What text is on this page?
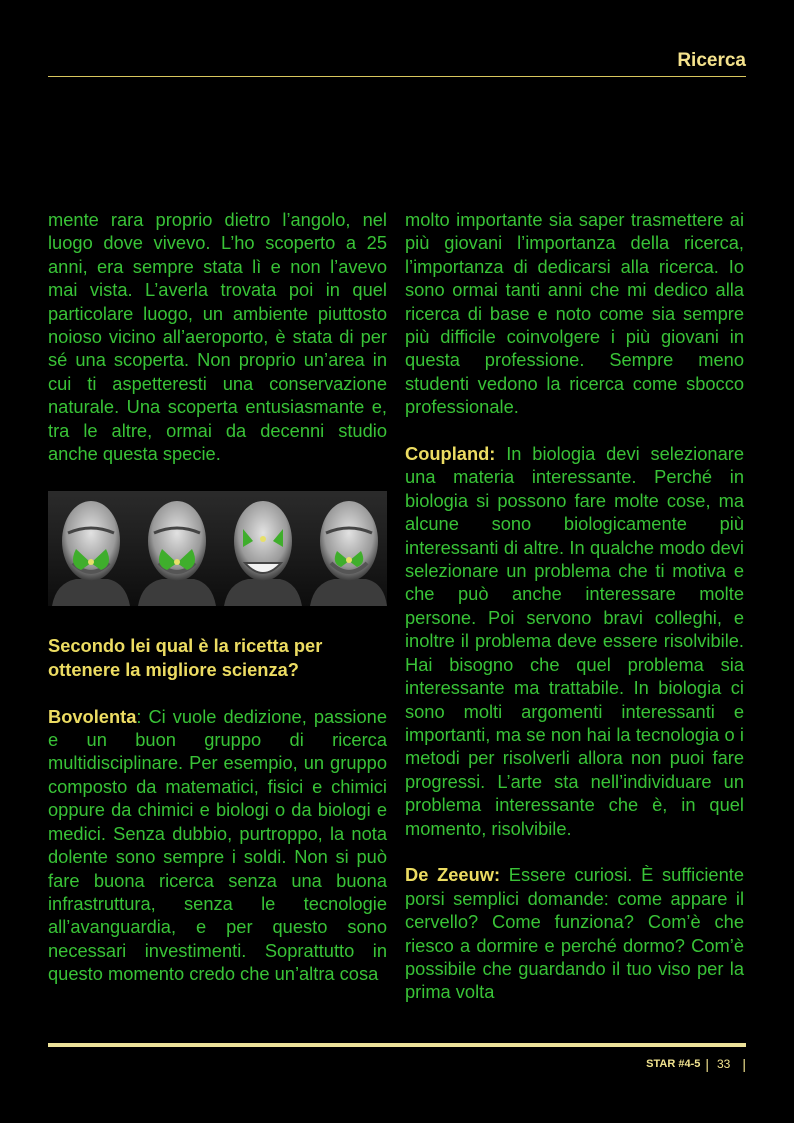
Ricerca

mente rara proprio dietro l’angolo, nel luogo dove vivevo. L’ho scoperto a 25 anni, era sempre stata lì e non l’avevo mai vista. L’averla trovata poi in quel particolare luogo, un ambiente piuttosto noioso vicino all’aeroporto, è stata di per sé una scoperta. Non proprio un’area in cui ti aspetteresti una conservazione naturale. Una scoperta entusiasmante e, tra le altre, ormai da decenni studio anche questa specie.

Secondo lei qual è la ricetta per ottenere la migliore scienza?

Bovolenta: Ci vuole dedizione, passione e un buon gruppo di ricerca multidisciplinare. Per esempio, un gruppo composto da matematici, fisici e chimici oppure da chimici e biologi o da biologi e medici. Senza dubbio, purtroppo, la nota dolente sono sempre i soldi. Non si può fare buona ricerca senza una buona infrastruttura, senza le tecnologie all’avanguardia, e per questo sono necessari investimenti. Soprattutto in questo momento credo che un’altra cosa

molto importante sia saper trasmettere ai più giovani l’importanza della ricerca, l’importanza di dedicarsi alla ricerca. Io sono ormai tanti anni che mi dedico alla ricerca di base e noto come sia sempre più difficile coinvolgere i più giovani in questa professione. Sempre meno studenti vedono la ricerca come sbocco professionale.

Coupland: In biologia devi selezionare una materia interessante. Perché in biologia si possono fare molte cose, ma alcune sono biologicamente più interessanti di altre. In qualche modo devi selezionare un problema che ti motiva e che può anche interessare molte persone. Poi servono bravi colleghi, e inoltre il problema deve essere risolvibile. Hai bisogno che quel problema sia interessante ma trattabile. In biologia ci sono molti argomenti interessanti e importanti, ma se non hai la tecnologia o i metodi per risolverli allora non puoi fare progressi. L’arte sta nell’individuare un problema interessante che è, in quel momento, risolvibile.

De Zeeuw: Essere curiosi. È sufficiente porsi semplici domande: come appare il cervello? Come funziona? Com’è che riesco a dormire e perché dormo? Com’è possibile che guardando il tuo viso per la prima volta

STAR #4-5 | 33 |
